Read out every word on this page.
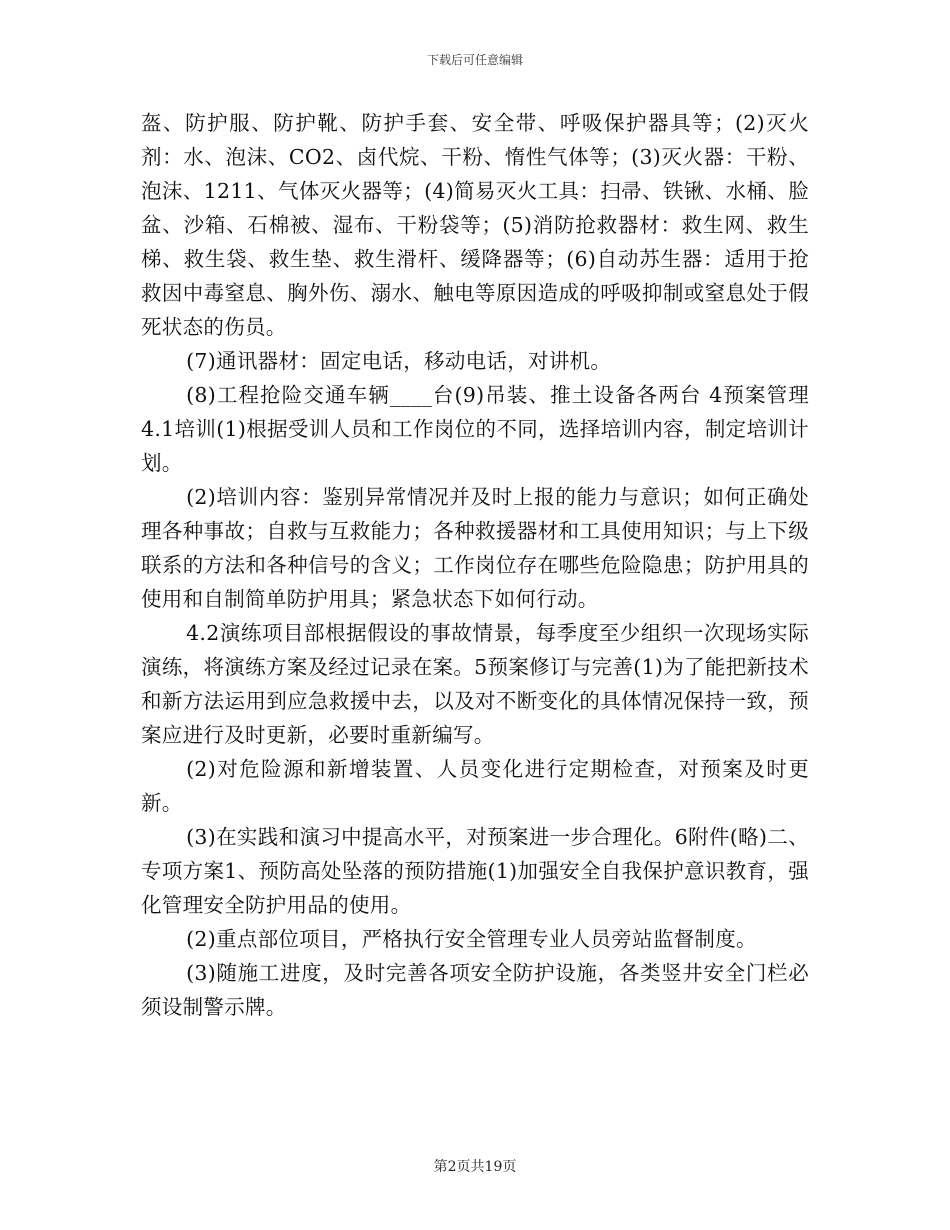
下载后可任意编辑

盔、防护服、防护靴、防护手套、安全带、呼吸保护器具等；(2)灭火剂：水、泡沫、CO2、卤代烷、干粉、惰性气体等；(3)灭火器：干粉、泡沫、1211、气体灭火器等；(4)简易灭火工具：扫帚、铁锹、水桶、脸盆、沙箱、石棉被、湿布、干粉袋等；(5)消防抢救器材：救生网、救生梯、救生袋、救生垫、救生滑杆、缓降器等；(6)自动苏生器：适用于抢救因中毒窒息、胸外伤、溺水、触电等原因造成的呼吸抑制或窒息处于假死状态的伤员。

(7)通讯器材：固定电话，移动电话，对讲机。

(8)工程抢险交通车辆____台(9)吊装、推土设备各两台 4预案管理4.1培训(1)根据受训人员和工作岗位的不同，选择培训内容，制定培训计划。

(2)培训内容：鉴别异常情况并及时上报的能力与意识；如何正确处理各种事故；自救与互救能力；各种救援器材和工具使用知识；与上下级联系的方法和各种信号的含义；工作岗位存在哪些危险隐患；防护用具的使用和自制简单防护用具；紧急状态下如何行动。

4.2演练项目部根据假设的事故情景，每季度至少组织一次现场实际演练，将演练方案及经过记录在案。5预案修订与完善(1)为了能把新技术和新方法运用到应急救援中去，以及对不断变化的具体情况保持一致，预案应进行及时更新，必要时重新编写。

(2)对危险源和新增装置、人员变化进行定期检查，对预案及时更新。

(3)在实践和演习中提高水平，对预案进一步合理化。6附件(略)二、专项方案1、预防高处坠落的预防措施(1)加强安全自我保护意识教育，强化管理安全防护用品的使用。

(2)重点部位项目，严格执行安全管理专业人员旁站监督制度。

(3)随施工进度，及时完善各项安全防护设施，各类竖井安全门栏必须设制警示牌。

第2页共19页
